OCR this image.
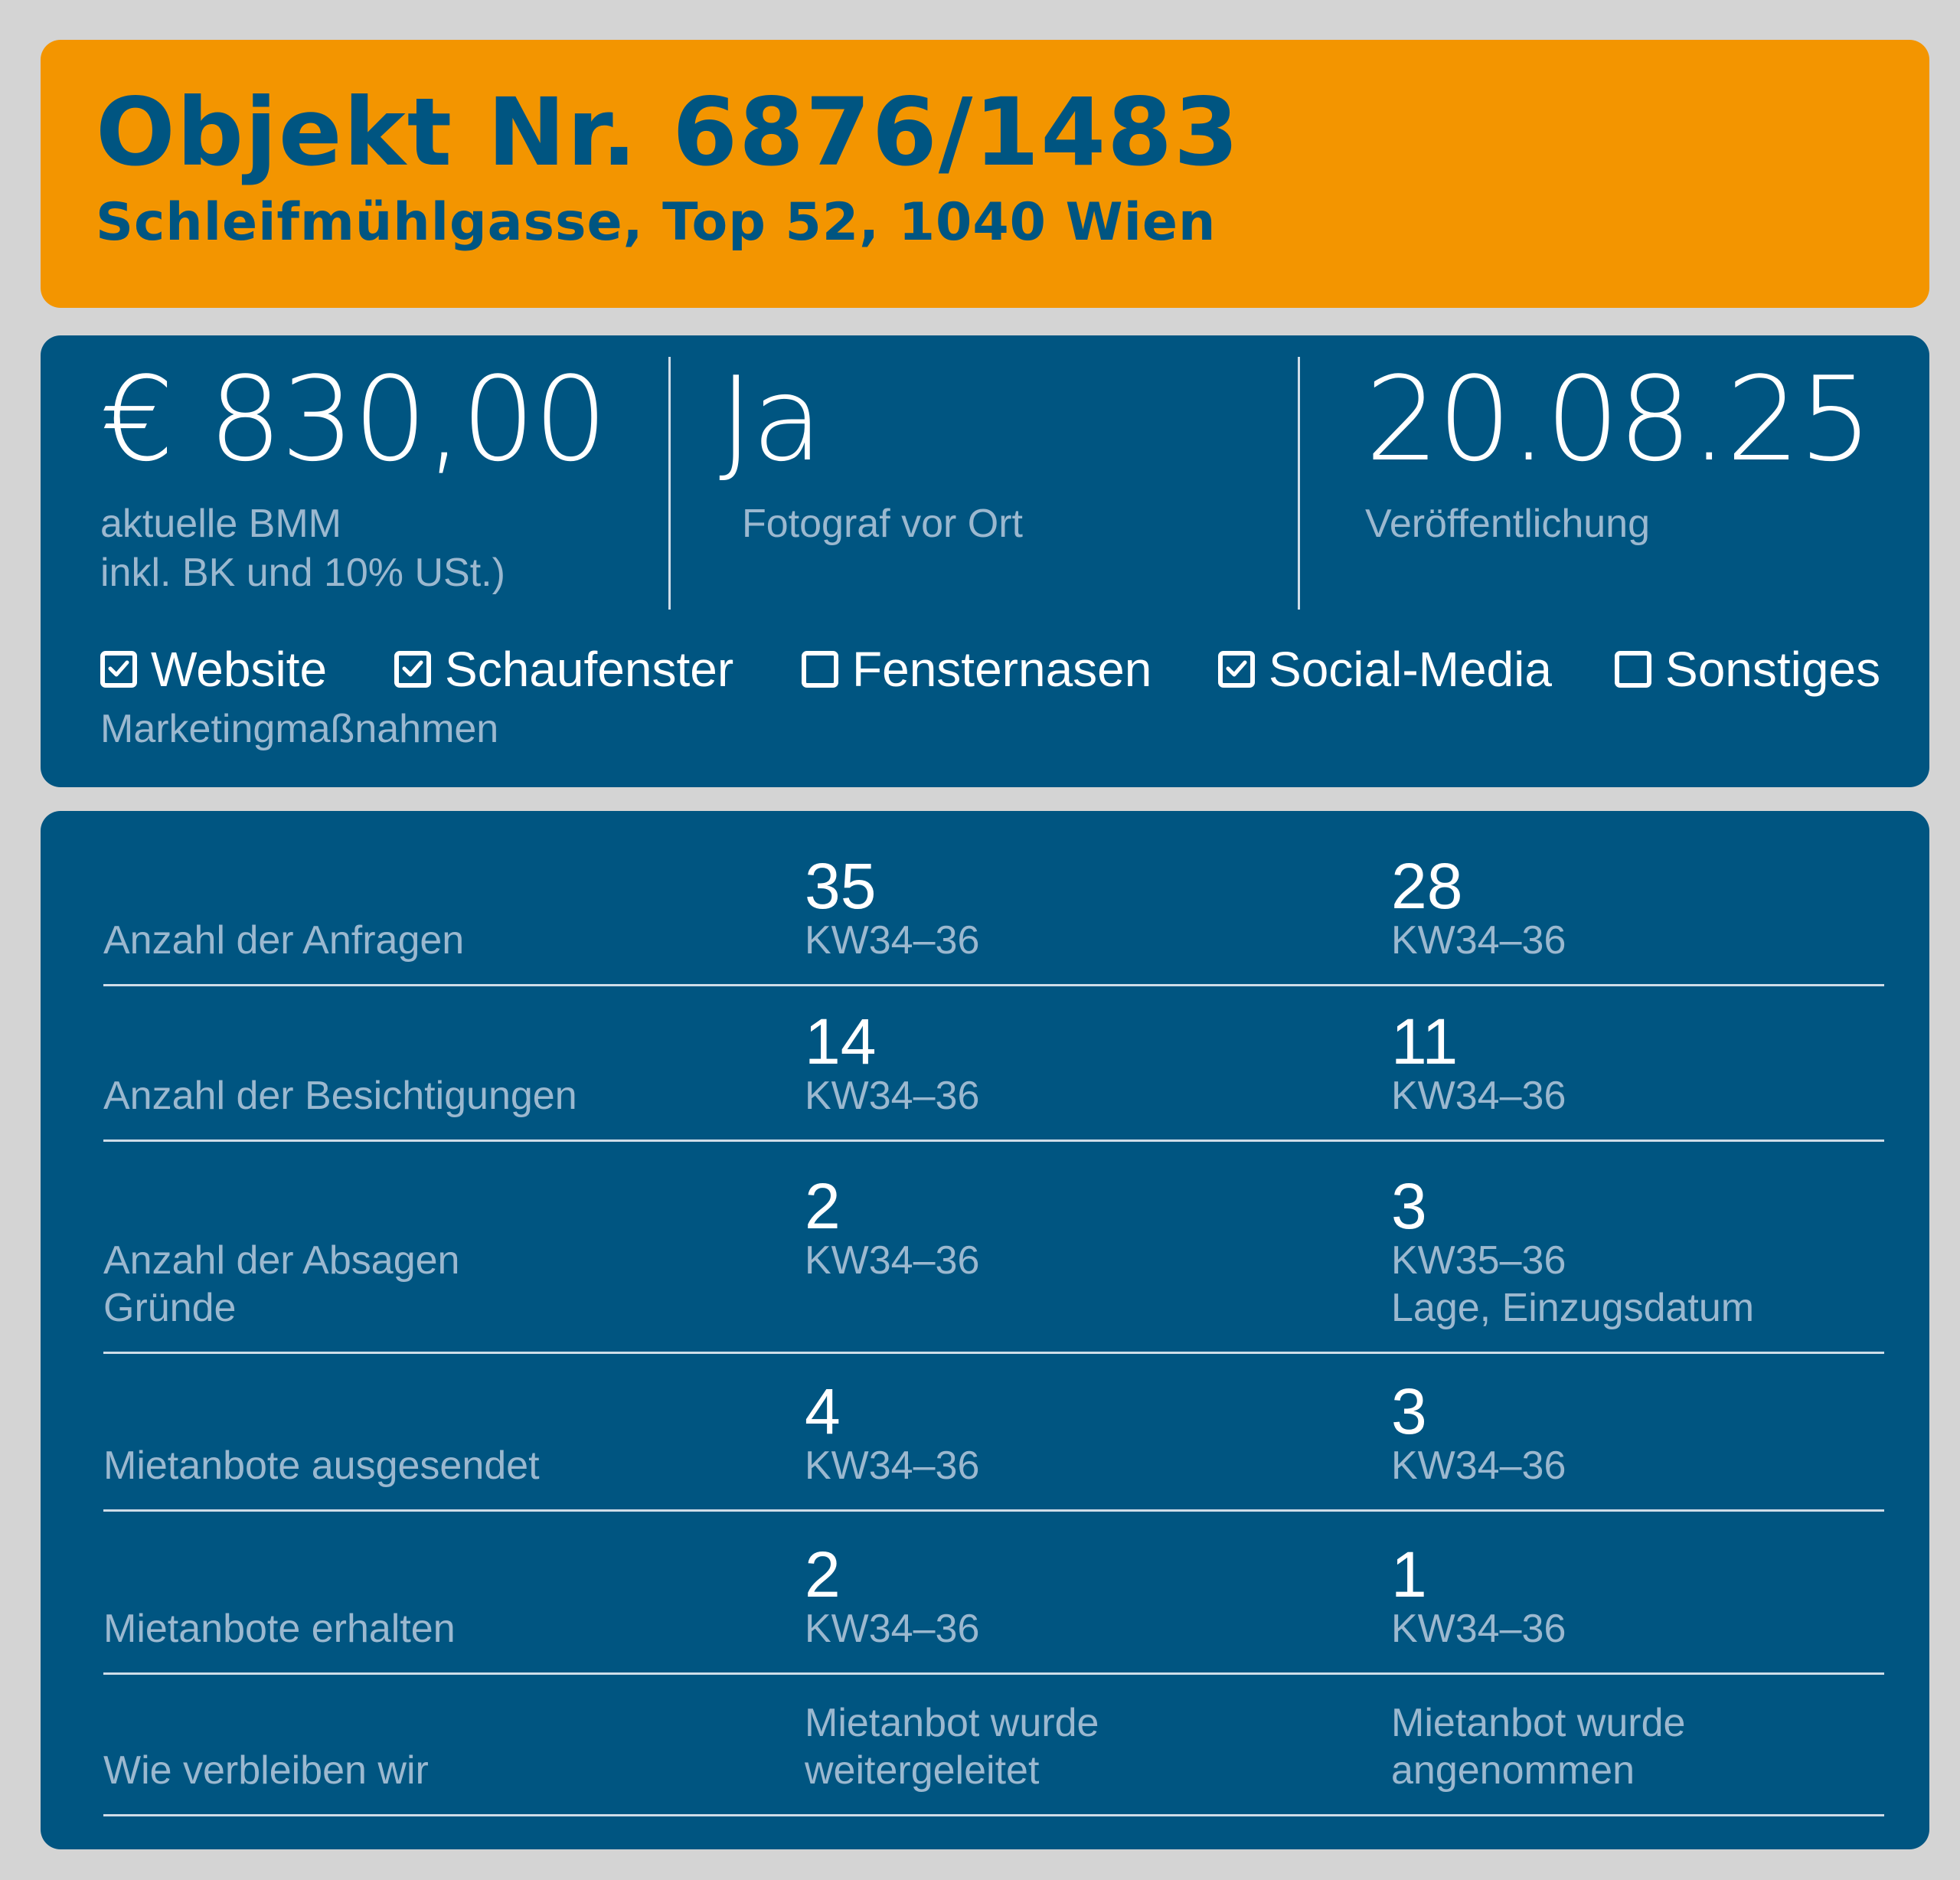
Objekt Nr. 6876/1483
Schleifmühlgasse, Top 52, 1040 Wien
€ 830,00
aktuelle BMM
inkl. BK und 10% USt.)
Ja
Fotograf vor Ort
20.08.25
Veröffentlichung
Website Schaufenster Fensternasen Social-Media Sonstiges
Marketingmaßnahmen
Anzahl der Anfragen
35
KW34–36
28
KW34–36
Anzahl der Besichtigungen
14
KW34–36
11
KW34–36
Anzahl der Absagen
Gründe
2
KW34–36
3
KW35–36
Lage, Einzugsdatum
Mietanbote ausgesendet
4
KW34–36
3
KW34–36
Mietanbote erhalten
2
KW34–36
1
KW34–36
Wie verbleiben wir
Mietanbot wurde
weitergeleitet
Mietanbot wurde
angenommen
